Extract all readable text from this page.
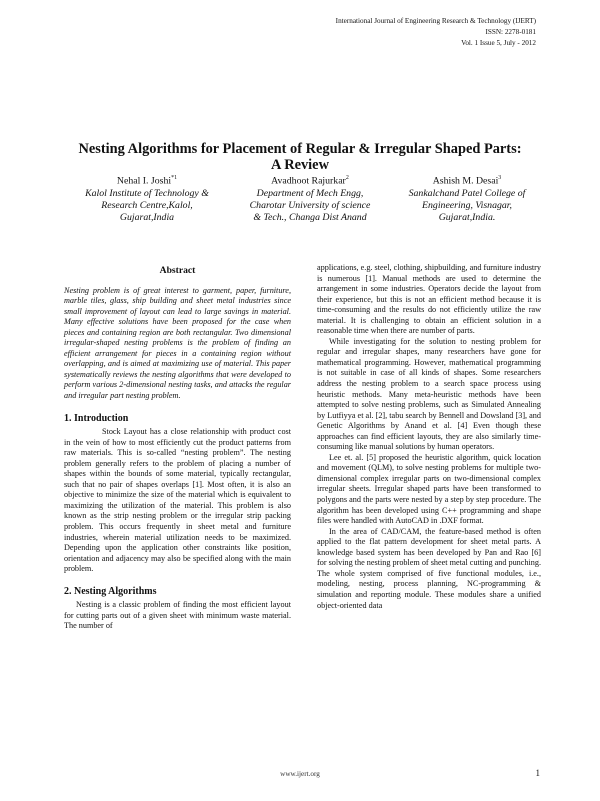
International Journal of Engineering Research & Technology (IJERT)
ISSN: 2278-0181
Vol. 1 Issue 5, July - 2012
Nesting Algorithms for Placement of Regular & Irregular Shaped Parts:
A Review
Nehal I. Joshi$^{*1}$
Kalol Institute of Technology &
Research Centre,Kalol,
Gujarat,India
Avadhoot Rajurkar$^2$
Department of Mech Engg,
Charotar University of science
& Tech., Changa Dist Anand
Ashish M. Desai$^3$
Sankalchand Patel College of
Engineering, Visnagar,
Gujarat,India.
Abstract

Nesting problem is of great interest to garment, paper, furniture, marble tiles, glass, ship building and sheet metal industries since small improvement of layout can lead to large savings in material. Many effective solutions have been proposed for the case when pieces and containing region are both rectangular. Two dimensional irregular-shaped nesting problems is the problem of finding an efficient arrangement for pieces in a containing region without overlapping, and is aimed at maximizing use of material. This paper systematically reviews the nesting algorithms that were developed to perform various 2-dimensional nesting tasks, and attacks the regular and irregular part nesting problem.

1. Introduction

Stock Layout has a close relationship with product cost in the vein of how to most efficiently cut the product patterns from raw materials. This is so-called “nesting problem”. The nesting problem generally refers to the problem of placing a number of shapes within the bounds of some material, typically rectangular, such that no pair of shapes overlaps [1]. Most often, it is also an objective to minimize the size of the material which is equivalent to maximizing the utilization of the material. This problem is also known as the strip nesting problem or the irregular strip packing problem. This occurs frequently in sheet metal and furniture industries, wherein material utilization needs to be maximized. Depending upon the application other constraints like position, orientation and adjacency may also be specified along with the main problem.

2. Nesting Algorithms

Nesting is a classic problem of finding the most efficient layout for cutting parts out of a given sheet with minimum waste material. The number of

applications, e.g. steel, clothing, shipbuilding, and furniture industry is numerous [1]. Manual methods are used to determine the arrangement in some industries. Operators decide the layout from their experience, but this is not an efficient method because it is time-consuming and the results do not efficiently utilize the raw material. It is challenging to obtain an efficient solution in a reasonable time when there are number of parts.

While investigating for the solution to nesting problem for regular and irregular shapes, many researchers have gone for mathematical programming. However, mathematical programming is not suitable in case of all kinds of shapes. Some researchers address the nesting problem to a search space process using heuristic methods. Many meta-heuristic methods have been attempted to solve nesting problems, such as Simulated Annealing by Lutfiyya et al. [2], tabu search by Bennell and Dowsland [3], and Genetic Algorithms by Anand et al. [4] Even though these approaches can find efficient layouts, they are also similarly time-consuming like manual solutions by human operators.

Lee et. al. [5] proposed the heuristic algorithm, quick location and movement (QLM), to solve nesting problems for multiple two-dimensional complex irregular parts on two-dimensional complex irregular sheets. Irregular shaped parts have been transformed to polygons and the parts were nested by a step by step procedure. The algorithm has been developed using C++ programming and shape files were handled with AutoCAD in .DXF format.

In the area of CAD/CAM, the feature-based method is often applied to the flat pattern development for sheet metal parts. A knowledge based system has been developed by Pan and Rao [6] for solving the nesting problem of sheet metal cutting and punching. The whole system comprised of five functional modules, i.e., modeling, nesting, process planning, NC-programming & simulation and reporting module. These modules share a unified object-oriented data

www.ijert.org	1
